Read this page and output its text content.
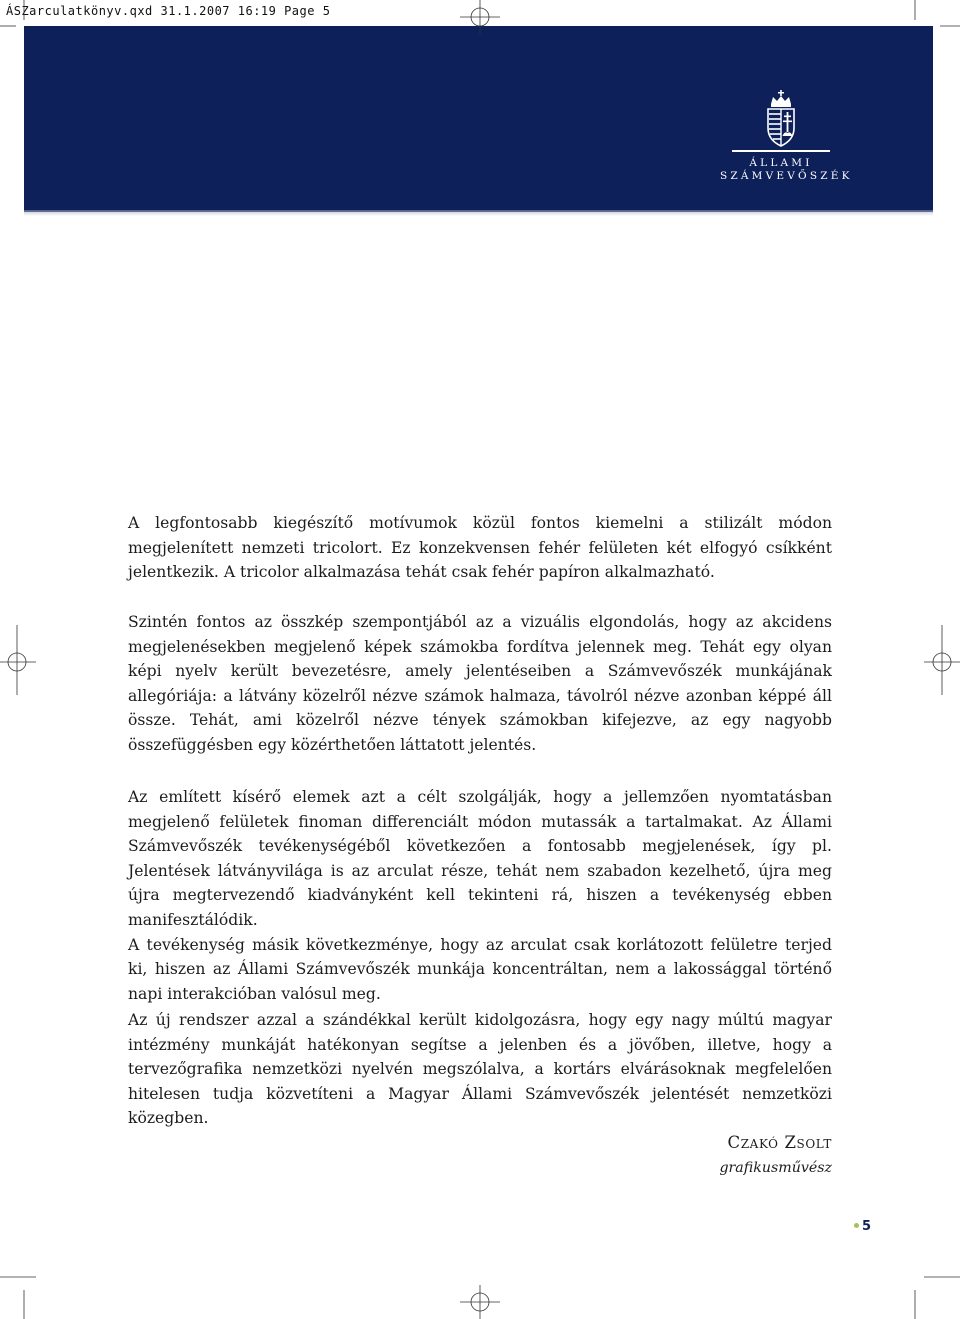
ÁSZarculatkönyv.qxd 31.1.2007 16:19 Page 5
ÁLLAMI
SZÁMVEVŐSZÉK

A legfontosabb kiegészítő motívumok közül fontos kiemelni a stilizált módon megjelenített nemzeti tricolort. Ez konzekvensen fehér felületen két elfogyó csíkként jelentkezik. A tricolor alkalmazása tehát csak fehér papíron alkalmazható.

Szintén fontos az összkép szempontjából az a vizuális elgondolás, hogy az akcidens megjelenésekben megjelenő képek számokba fordítva jelennek meg. Tehát egy olyan képi nyelv került bevezetésre, amely jelentéseiben a Számvevőszék munkájának allegóriája: a látvány közelről nézve számok halmaza, távolról nézve azonban képpé áll össze. Tehát, ami közelről nézve tények számokban kifejezve, az egy nagyobb összefüggésben egy közérthetően láttatott jelentés.

Az említett kísérő elemek azt a célt szolgálják, hogy a jellemzően nyomtatásban megjelenő felületek finoman differenciált módon mutassák a tartalmakat. Az Állami Számvevőszék tevékenységéből következően a fontosabb megjelenések, így pl. Jelentések látványvilága is az arculat része, tehát nem szabadon kezelhető, újra meg újra megtervezendő kiadványként kell tekinteni rá, hiszen a tevékenység ebben manifesztálódik.

A tevékenység másik következménye, hogy az arculat csak korlátozott felületre terjed ki, hiszen az Állami Számvevőszék munkája koncentráltan, nem a lakossággal történő napi interakcióban valósul meg.

Az új rendszer azzal a szándékkal került kidolgozásra, hogy egy nagy múltú magyar intézmény munkáját hatékonyan segítse a jelenben és a jövőben, illetve, hogy a tervezőgrafika nemzetközi nyelvén megszólalva, a kortárs elvárásoknak megfelelően hitelesen tudja közvetíteni a Magyar Állami Számvevőszék jelentését nemzetközi közegben.

Czakó Zsolt
grafikusművész
5
